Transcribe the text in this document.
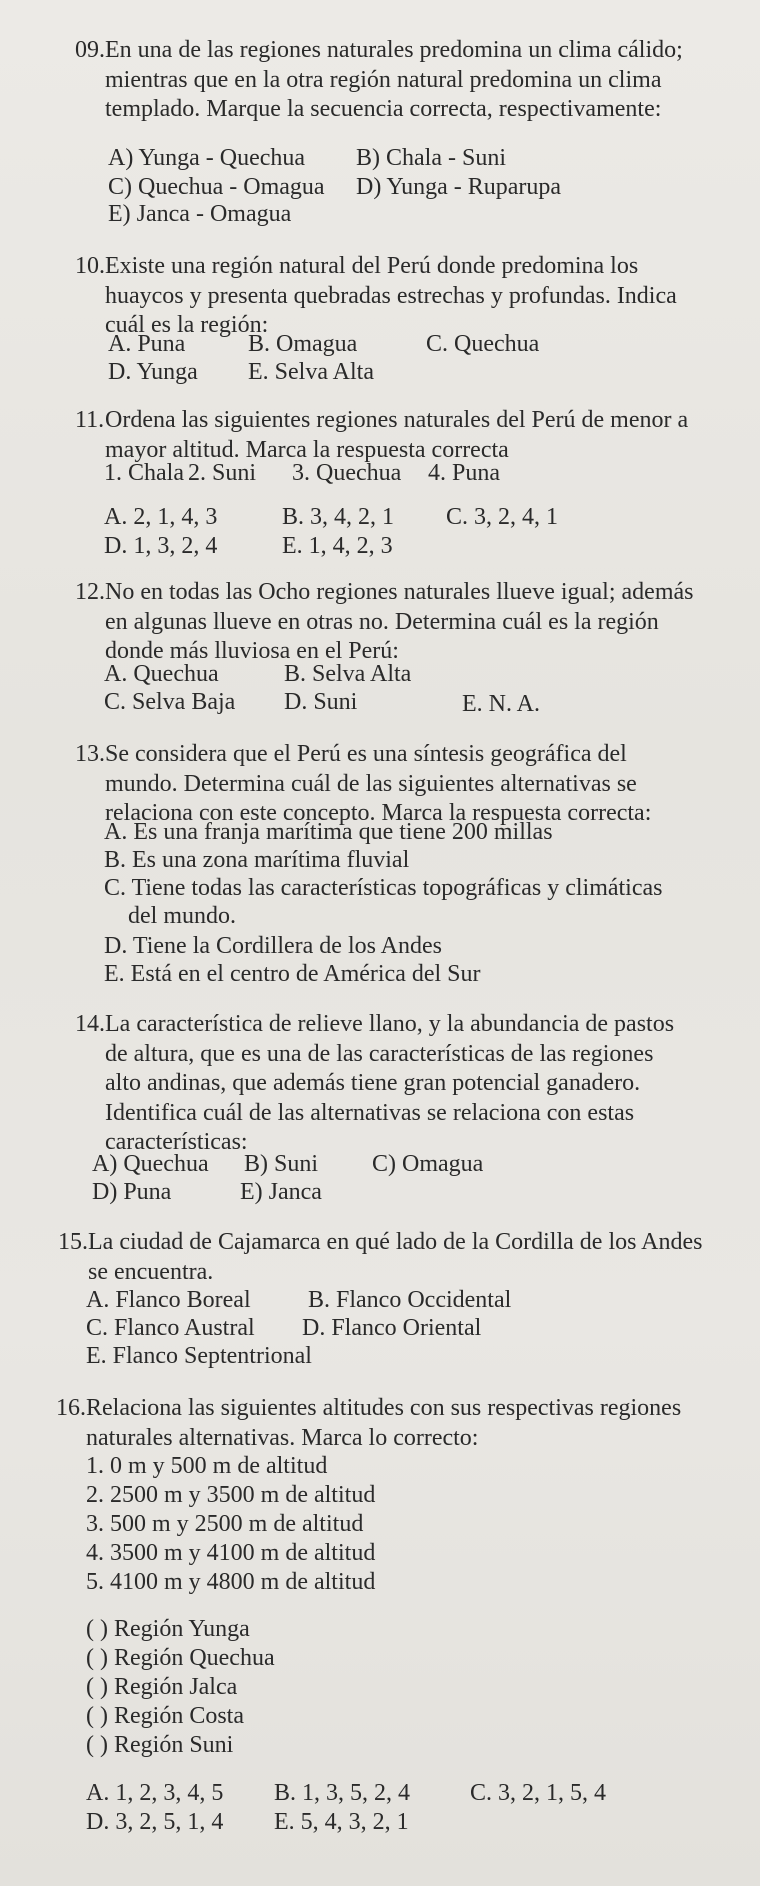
09. En una de las regiones naturales predomina un clima cálido; mientras que en la otra región natural predomina un clima templado. Marque la secuencia correcta, respectivamente:

A) Yunga - Quechua B) Chala - Suni
C) Quechua - Omagua D) Yunga - Ruparupa
E) Janca - Omagua

10. Existe una región natural del Perú donde predomina los huaycos y presenta quebradas estrechas y profundas. Indica cuál es la región:

A. Puna	B. Omagua	C. Quechua
D. Yunga E. Selva Alta

11. Ordena las siguientes regiones naturales del Perú de menor a mayor altitud. Marca la respuesta correcta

1. Chala 2. Suni 3. Quechua 4. Puna
A. 2, 1, 4, 3	B. 3, 4, 2, 1 C. 3, 2, 4, 1
D. 1, 3, 2, 4	E. 1, 4, 2, 3

12. No en todas las Ocho regiones naturales llueve igual; además en algunas llueve en otras no. Determina cuál es la región donde más lluviosa en el Perú:

A. Quechua	B. Selva Alta
C. Selva Baja D. Suni	E. N. A.

13. Se considera que el Perú es una síntesis geográfica del mundo. Determina cuál de las siguientes alternativas se relaciona con este concepto. Marca la respuesta correcta:

A. Es una franja marítima que tiene 200 millas
B. Es una zona marítima fluvial
C. Tiene todas las características topográficas y climáticas
del mundo.
D. Tiene la Cordillera de los Andes
E. Está en el centro de América del Sur

14. La característica de relieve llano, y la abundancia de pastos de altura, que es una de las características de las regiones alto andinas, que además tiene gran potencial ganadero. Identifica cuál de las alternativas se relaciona con estas características:

A) Quechua B) Suni C) Omagua
D) Puna	E) Janca

15. La ciudad de Cajamarca en qué lado de la Cordilla de los Andes se encuentra.

A. Flanco Boreal B. Flanco Occidental
C. Flanco Austral D. Flanco Oriental
E. Flanco Septentrional

16. Relaciona las siguientes altitudes con sus respectivas regiones naturales alternativas. Marca lo correcto:

1. 0 m y 500 m de altitud
2. 2500 m y 3500 m de altitud
3. 500 m y 2500 m de altitud
4. 3500 m y 4100 m de altitud
5. 4100 m y 4800 m de altitud
( ) Región Yunga
( ) Región Quechua
( ) Región Jalca
( ) Región Costa
( ) Región Suni
A. 1, 2, 3, 4, 5 B. 1, 3, 5, 2, 4 C. 3, 2, 1, 5, 4
D. 3, 2, 5, 1, 4 E. 5, 4, 3, 2, 1
